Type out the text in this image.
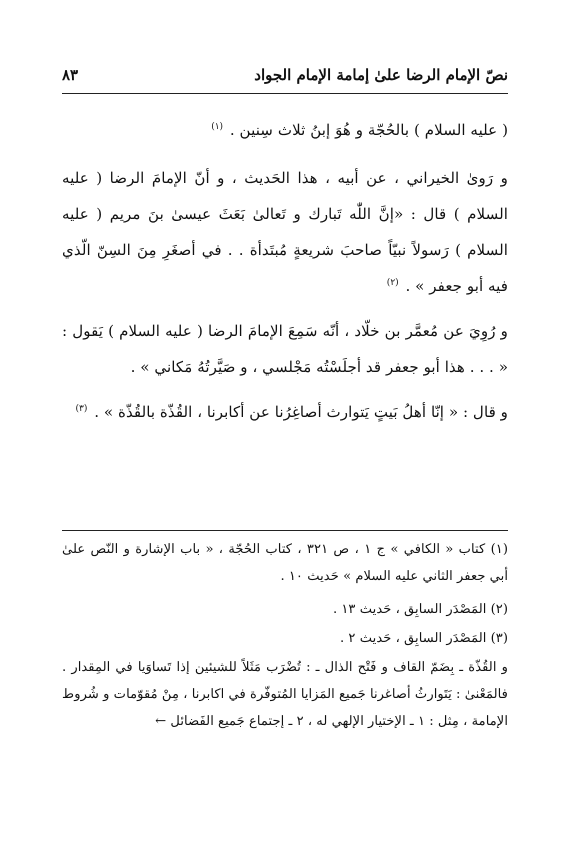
نصّ الإمام الرضا علىٰ إمامة الإمام الجواد
٨٣

( عليه السلام ) بالحُجّة و هُوَ إبنُ ثلاث سِنين . $^{(١)}$

و رَوىٰ الخيراني ، عن أبيه ، هذا الحَديث ، و أنّ الإمامَ الرضا ( عليه السلام ) قال : «إنَّ اللّٰه تَبارك و تَعالىٰ بَعَثَ عيسىٰ بنَ مريم ( عليه السلام ) رَسولاً نبيّاً صاحبَ شريعةٍ مُبتَدأة . . في أصغَرِ مِنَ السِنّ الّذي فيه أبو جعفر » . $^{(٢)}$

و رُوِيَ عن مُعمَّر بن خلّاد ، أنّه سَمِعَ الإمامَ الرضا ( عليه السلام ) يَقول : « . . . هذا أبو جعفر قد أجلَسْتُه مَجْلسي ، و صَيَّرتُهُ مَكاني » .

و قال : « إنّا أهلُ بَيتٍ يَتوارث أصاغِرُنا عن أكابرنا ، القُذّة بالقُذّة » . $^{(٣)}$

(١) كتاب « الكافي » ج ١ ، ص ٣٢١ ، كتاب الحُجّة ، « باب الإشارة و النّص علىٰ أبي جعفر الثاني عليه السلام » حَديث ١٠ .

(٢) المَصْدَر السابِق ، حَديث ١٣ .

(٣) المَصْدَر السابِق ، حَديث ٢ .

و القُذّة ـ بِضَمّ القاف و فَتْح الذال ـ : تُضْرَب مَثَلاً للشيئين إذا تَساوَيا في المِقدار . فالمَعْنىٰ : يَتَوارثُ أصاغرنا جَميع المَزايا المُتوفّرة في اكابرنا ، مِنْ مُقوّمات و شُروط الإمامة ، مِثل : ١ ـ الإختيار الإلهي له ، ٢ ـ إجتماع جَميع الفَضائل ←
